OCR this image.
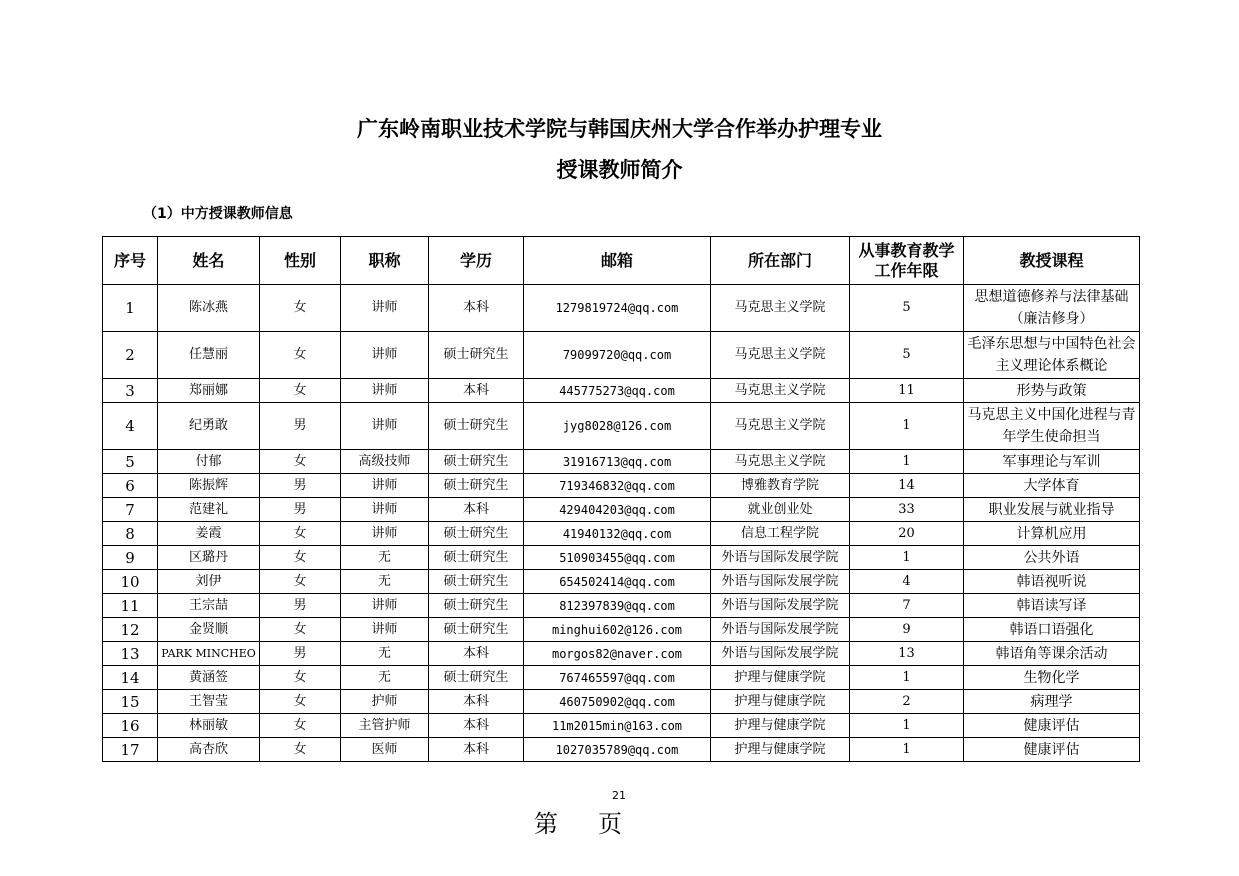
广东岭南职业技术学院与韩国庆州大学合作举办护理专业
授课教师简介
（1）中方授课教师信息
序号	姓名	性别	职称	学历	邮箱	所在部门	从事教育教学工作年限	教授课程
1	陈冰燕	女	讲师	本科	1279819724@qq.com	马克思主义学院	5	思想道德修养与法律基础（廉洁修身）
2	任慧丽	女	讲师	硕士研究生	79099720@qq.com	马克思主义学院	5	毛泽东思想与中国特色社会主义理论体系概论
3	郑丽娜	女	讲师	本科	445775273@qq.com	马克思主义学院	11	形势与政策
4	纪勇敢	男	讲师	硕士研究生	jyg8028@126.com	马克思主义学院	1	马克思主义中国化进程与青年学生使命担当
5	付郁	女	高级技师	硕士研究生	31916713@qq.com	马克思主义学院	1	军事理论与军训
6	陈振辉	男	讲师	硕士研究生	719346832@qq.com	博雅教育学院	14	大学体育
7	范建礼	男	讲师	本科	429404203@qq.com	就业创业处	33	职业发展与就业指导
8	姜霞	女	讲师	硕士研究生	41940132@qq.com	信息工程学院	20	计算机应用
9	区璐丹	女	无	硕士研究生	510903455@qq.com	外语与国际发展学院	1	公共外语
10	刘伊	女	无	硕士研究生	654502414@qq.com	外语与国际发展学院	4	韩语视听说
11	王宗喆	男	讲师	硕士研究生	812397839@qq.com	外语与国际发展学院	7	韩语读写译
12	金贤顺	女	讲师	硕士研究生	minghui602@126.com	外语与国际发展学院	9	韩语口语强化
13	PARK MINCHEO	男	无	本科	morgos82@naver.com	外语与国际发展学院	13	韩语角等课余活动
14	黄涵签	女	无	硕士研究生	767465597@qq.com	护理与健康学院	1	生物化学
15	王智莹	女	护师	本科	460750902@qq.com	护理与健康学院	2	病理学
16	林丽敏	女	主管护师	本科	11m2015min@163.com	护理与健康学院	1	健康评估
17	高杏欣	女	医师	本科	1027035789@qq.com	护理与健康学院	1	健康评估
21
第 页
